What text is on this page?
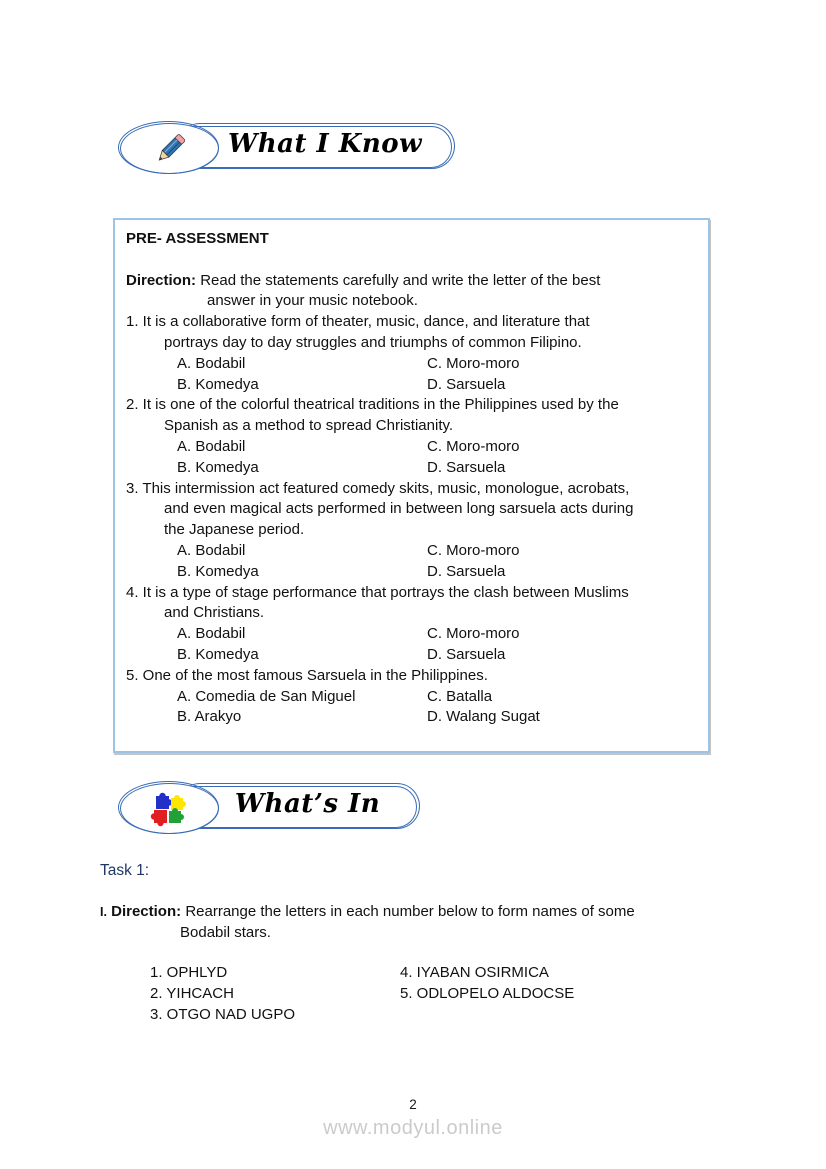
What I Know
PRE- ASSESSMENT
Direction: Read the statements carefully and write the letter of the best
answer in your music notebook.
1. It is a collaborative form of theater, music, dance, and literature that
portrays day to day struggles and triumphs of common Filipino.
A. Bodabil	C. Moro-moro
B. Komedya	D. Sarsuela
2. It is one of the colorful theatrical traditions in the Philippines used by the
Spanish as a method to spread Christianity.
A. Bodabil	C. Moro-moro
B. Komedya	D. Sarsuela
3. This intermission act featured comedy skits, music, monologue, acrobats,
and even magical acts performed in between long sarsuela acts during
the Japanese period.
A. Bodabil	C. Moro-moro
B. Komedya	D. Sarsuela
4. It is a type of stage performance that portrays the clash between Muslims
and Christians.
A. Bodabil	C. Moro-moro
B. Komedya	D. Sarsuela
5. One of the most famous Sarsuela in the Philippines.
A. Comedia de San Miguel	C. Batalla
B. Arakyo	D. Walang Sugat
What’s In
Task 1:
I. Direction: Rearrange the letters in each number below to form names of some
Bodabil stars.
1. OPHLYD
2. YIHCACH
3. OTGO NAD UGPO
4. IYABAN OSIRMICA
5. ODLOPELO ALDOCSE
2
www.modyul.online
